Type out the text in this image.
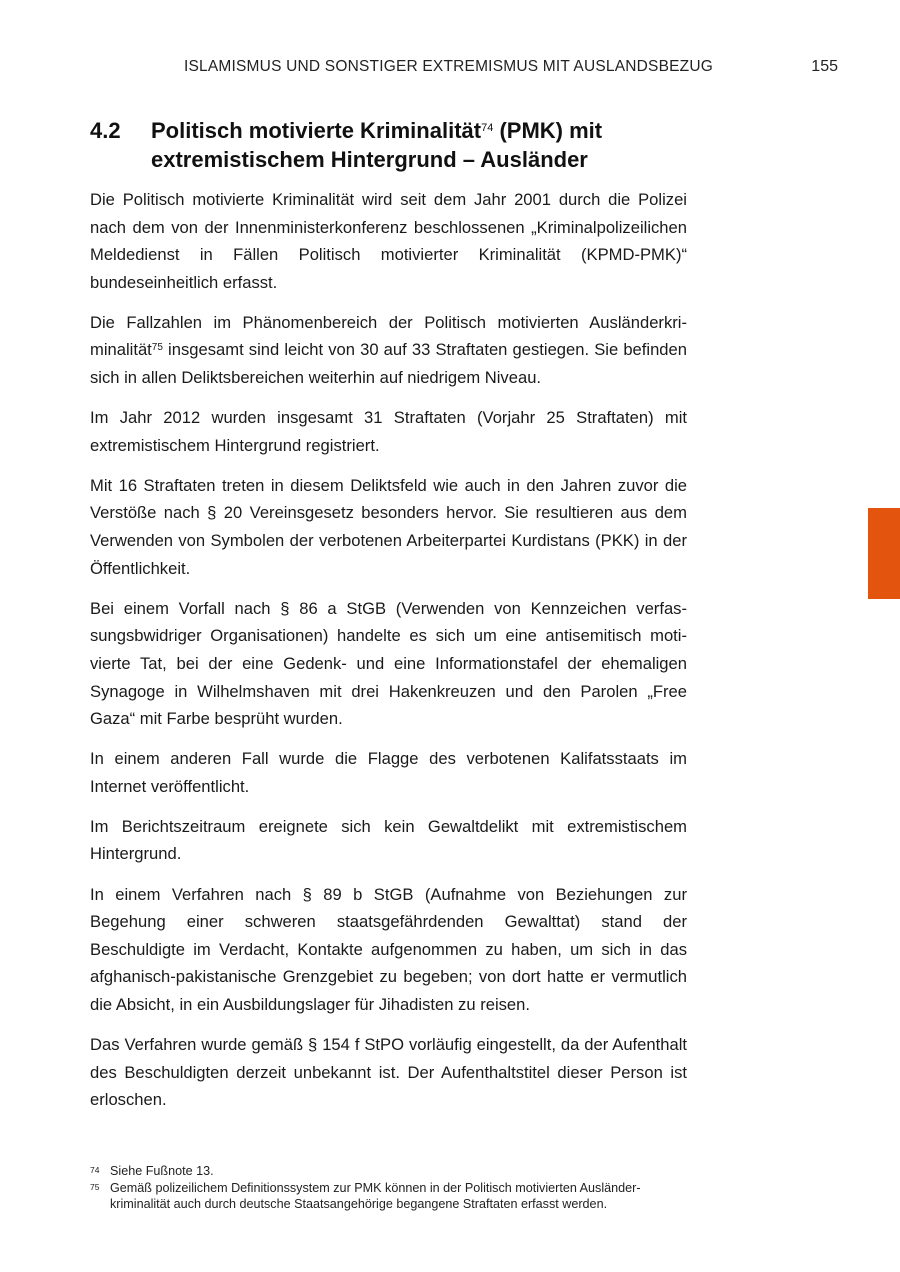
ISLAMISMUS UND SONSTIGER EXTREMISMUS MIT AUSLANDSBEZUG	155
4.2 Politisch motivierte Kriminalität$^{74}$ (PMK) mit extremistischem Hintergrund – Ausländer

Die Politisch motivierte Kriminalität wird seit dem Jahr 2001 durch die Polizei nach dem von der Innenministerkonferenz beschlossenen „Kriminalpolizeilichen Meldedienst in Fällen Politisch motivierter Kriminalität (KPMD-PMK)“ bundeseinheitlich erfasst.

Die Fallzahlen im Phänomenbereich der Politisch motivierten Ausländerkriminalität$^{75}$ insgesamt sind leicht von 30 auf 33 Straftaten gestiegen. Sie befinden sich in allen Deliktsbereichen weiterhin auf niedrigem Niveau.

Im Jahr 2012 wurden insgesamt 31 Straftaten (Vorjahr 25 Straftaten) mit extremistischem Hintergrund registriert.

Mit 16 Straftaten treten in diesem Deliktsfeld wie auch in den Jahren zuvor die Verstöße nach § 20 Vereinsgesetz besonders hervor. Sie resultieren aus dem Verwenden von Symbolen der verbotenen Arbeiterpartei Kurdistans (PKK) in der Öffentlichkeit.

Bei einem Vorfall nach § 86 a StGB (Verwenden von Kennzeichen verfassungsbwidriger Organisationen) handelte es sich um eine antisemitisch motivierte Tat, bei der eine Gedenk- und eine Informationstafel der ehemaligen Synagoge in Wilhelmshaven mit drei Hakenkreuzen und den Parolen „Free Gaza“ mit Farbe besprüht wurden.

In einem anderen Fall wurde die Flagge des verbotenen Kalifatsstaats im Internet veröffentlicht.

Im Berichtszeitraum ereignete sich kein Gewaltdelikt mit extremistischem Hintergrund.

In einem Verfahren nach § 89 b StGB (Aufnahme von Beziehungen zur Begehung einer schweren staatsgefährdenden Gewalttat) stand der Beschuldigte im Verdacht, Kontakte aufgenommen zu haben, um sich in das afghanisch-pakistanische Grenzgebiet zu begeben; von dort hatte er vermutlich die Absicht, in ein Ausbildungslager für Jihadisten zu reisen.

Das Verfahren wurde gemäß § 154 f StPO vorläufig eingestellt, da der Aufenthalt des Beschuldigten derzeit unbekannt ist. Der Aufenthaltstitel dieser Person ist erloschen.

74 Siehe Fußnote 13.
75 Gemäß polizeilichem Definitionssystem zur PMK können in der Politisch motivierten Ausländerkriminalität auch durch deutsche Staatsangehörige begangene Straftaten erfasst werden.
